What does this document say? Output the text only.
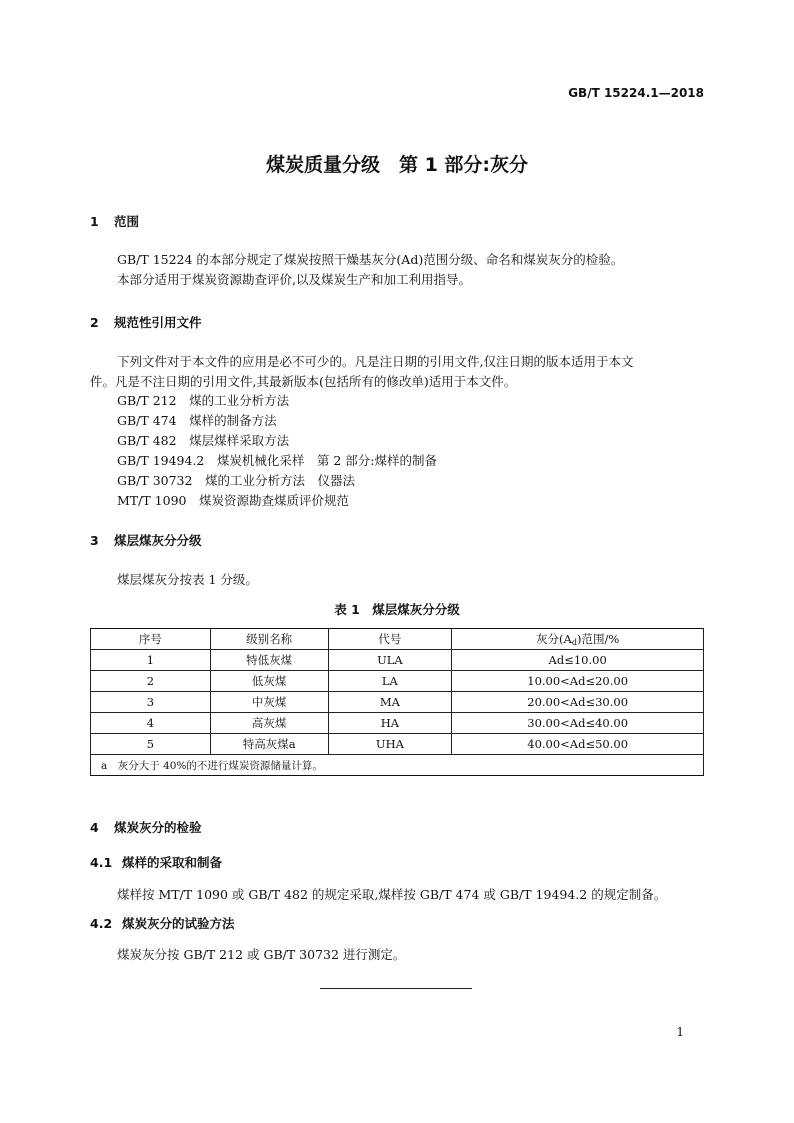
GB/T 15224.1—2018
煤炭质量分级　第 1 部分:灰分
1 范围
GB/T 15224 的本部分规定了煤炭按照干燥基灰分(Ad)范围分级、命名和煤炭灰分的检验。
本部分适用于煤炭资源勘查评价,以及煤炭生产和加工利用指导。
2 规范性引用文件
下列文件对于本文件的应用是必不可少的。凡是注日期的引用文件,仅注日期的版本适用于本文
件。凡是不注日期的引用文件,其最新版本(包括所有的修改单)适用于本文件。
GB/T 212　 煤的工业分析方法
GB/T 474　 煤样的制备方法
GB/T 482　 煤层煤样采取方法
GB/T 19494.2　 煤炭机械化采样　第 2 部分:煤样的制备
GB/T 30732　 煤的工业分析方法　仪器法
MT/T 1090　 煤炭资源勘查煤质评价规范
3 煤层煤灰分分级
煤层煤灰分按表 1 分级。
表 1　煤层煤灰分分级
序号	级别名称	代号	灰分$(A_d)$范围/%
1	特低灰煤	ULA	Ad≤10.00
2	低灰煤	LA	10.00<Ad≤20.00
3	中灰煤	MA	20.00<Ad≤30.00
4	高灰煤	HA	30.00<Ad≤40.00
5	特高灰煤a	UHA	40.00<Ad≤50.00
a　灰分大于 40%的不进行煤炭资源储量计算。			
4 煤炭灰分的检验
4.1 煤样的采取和制备
煤样按 MT/T 1090 或 GB/T 482 的规定采取,煤样按 GB/T 474 或 GB/T 19494.2 的规定制备。
4.2 煤炭灰分的试验方法
煤炭灰分按 GB/T 212 或 GB/T 30732 进行测定。
1
